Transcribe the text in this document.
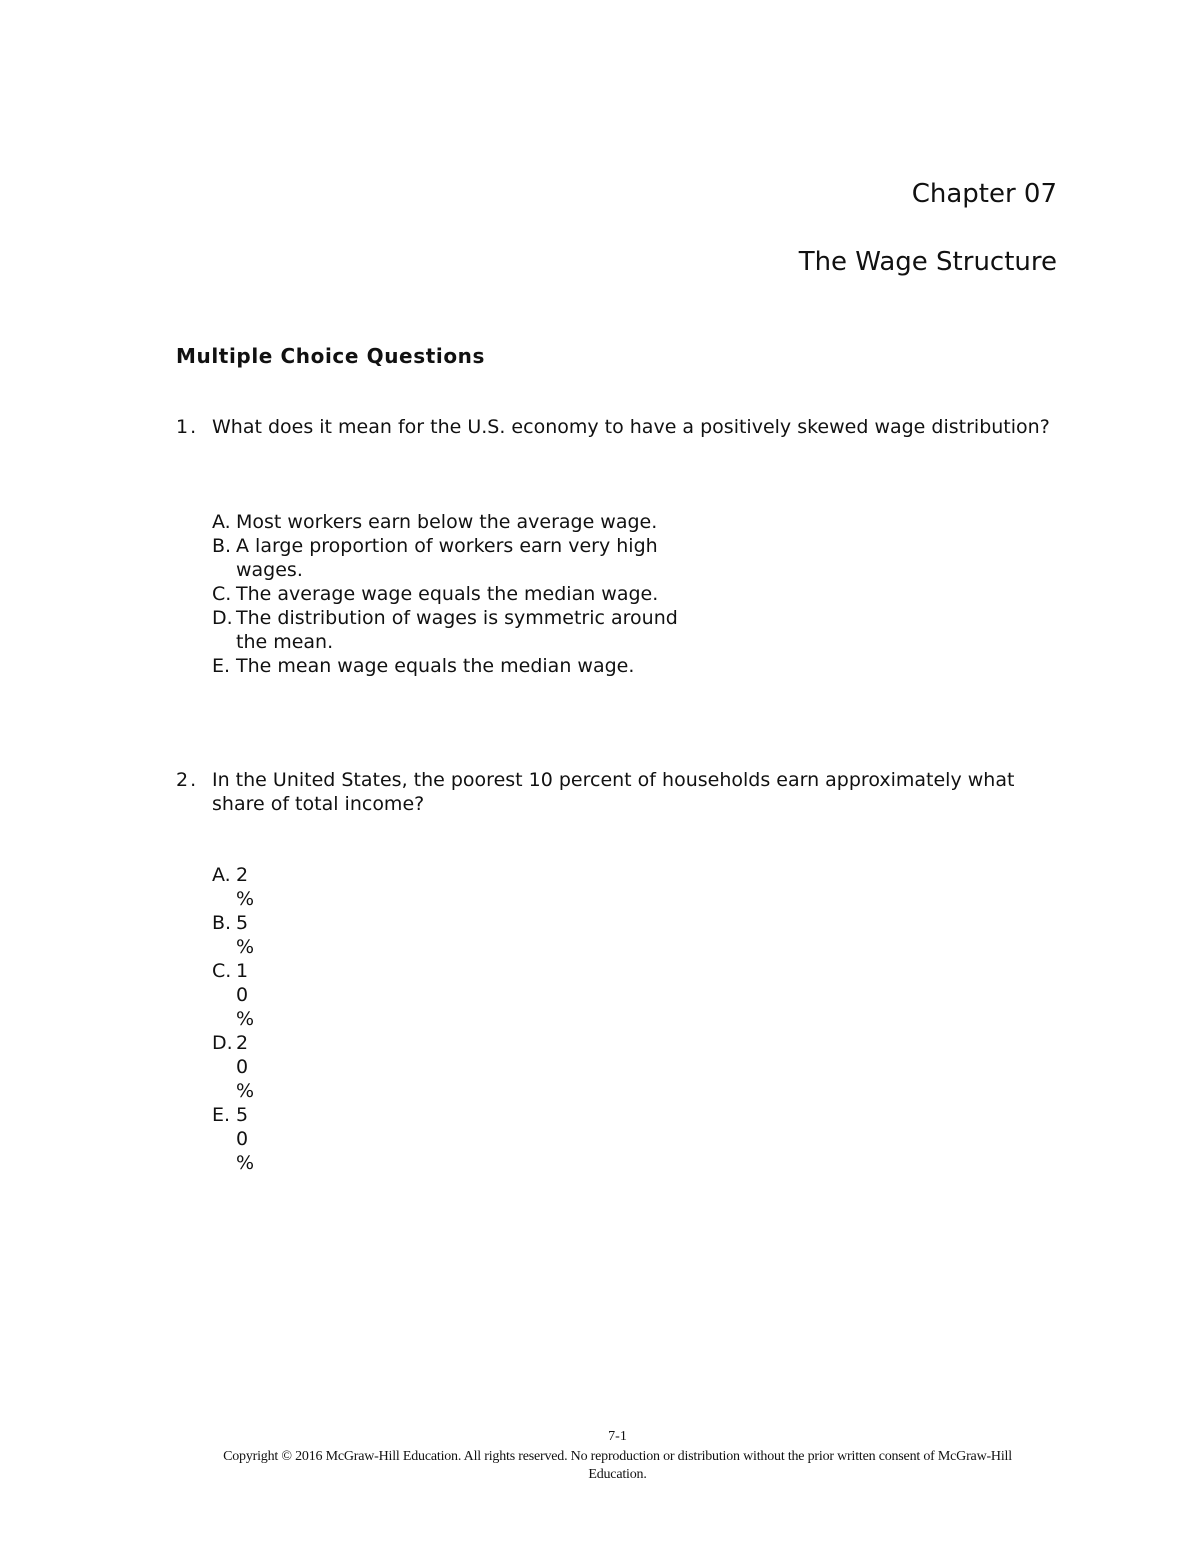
Chapter 07
The Wage Structure
Multiple Choice Questions
1. What does it mean for the U.S. economy to have a positively skewed wage distribution?
A. Most workers earn below the average wage.
B. A large proportion of workers earn very high wages.
C. The average wage equals the median wage.
D. The distribution of wages is symmetric around the mean.
E. The mean wage equals the median wage.
2. In the United States, the poorest 10 percent of households earn approximately what share of total income?
A. 2
%
B. 5
%
C. 10
%
D. 20
%
E. 50
%
7-1
Copyright © 2016 McGraw-Hill Education. All rights reserved. No reproduction or distribution without the prior written consent of McGraw-Hill Education.
